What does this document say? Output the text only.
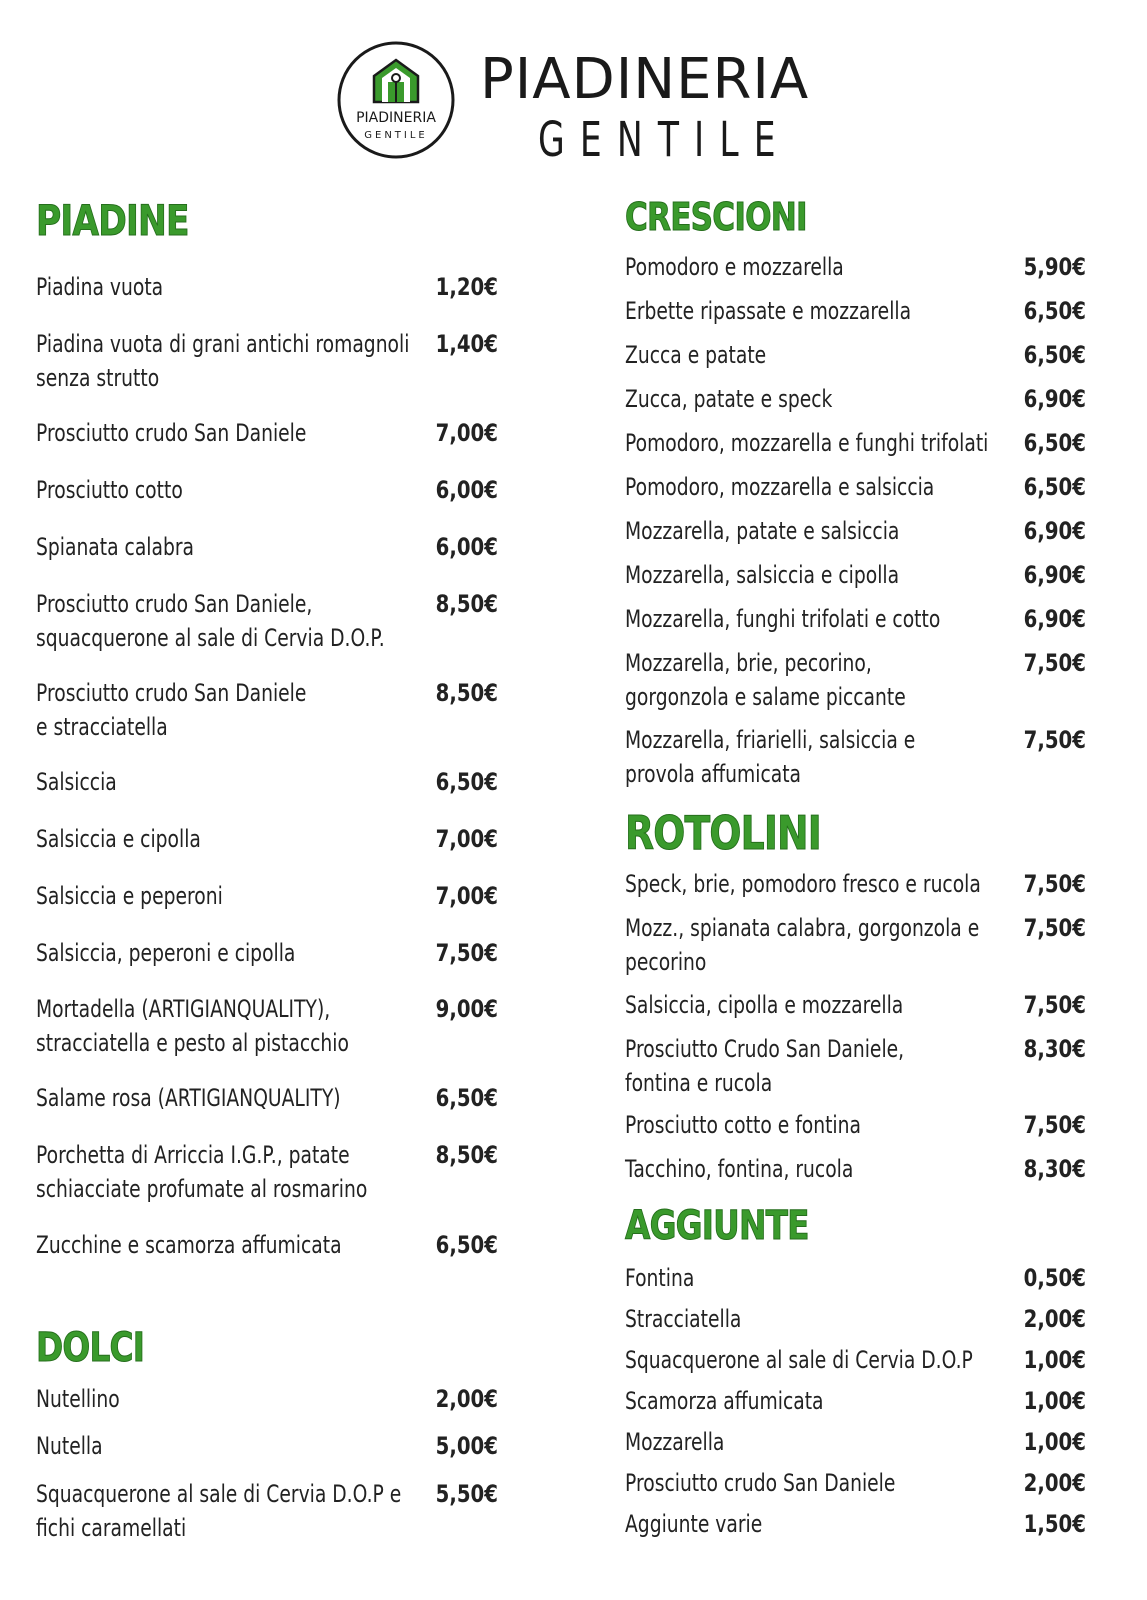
PIADINERIA
GENTILE
PIADINERIA
GENTILE
PIADINE
Piadina vuota	1,20€
Piadina vuota di grani antichi romagnoli
senza strutto
1,40€
Prosciutto crudo San Daniele	7,00€
Prosciutto cotto	6,00€
Spianata calabra	6,00€
Prosciutto crudo San Daniele,
squacquerone al sale di Cervia D.O.P.
8,50€
Prosciutto crudo San Daniele
e stracciatella
8,50€
Salsiccia	6,50€
Salsiccia e cipolla	7,00€
Salsiccia e peperoni	7,00€
Salsiccia, peperoni e cipolla	7,50€
Mortadella (ARTIGIANQUALITY),
stracciatella e pesto al pistacchio
9,00€
Salame rosa (ARTIGIANQUALITY)	6,50€
Porchetta di Arriccia I.G.P., patate
schiacciate profumate al rosmarino
8,50€
Zucchine e scamorza affumicata	6,50€
DOLCI
Nutellino	2,00€
Nutella	5,00€
Squacquerone al sale di Cervia D.O.P e
fichi caramellati
5,50€
CRESCIONI
Pomodoro e mozzarella	5,90€
Erbette ripassate e mozzarella	6,50€
Zucca e patate	6,50€
Zucca, patate e speck	6,90€
Pomodoro, mozzarella e funghi trifolati	6,50€
Pomodoro, mozzarella e salsiccia	6,50€
Mozzarella, patate e salsiccia	6,90€
Mozzarella, salsiccia e cipolla	6,90€
Mozzarella, funghi trifolati e cotto	6,90€
Mozzarella, brie, pecorino,
gorgonzola e salame piccante
7,50€
Mozzarella, friarielli, salsiccia e
provola affumicata
7,50€
ROTOLINI
Speck, brie, pomodoro fresco e rucola	7,50€
Mozz., spianata calabra, gorgonzola e
pecorino
7,50€
Salsiccia, cipolla e mozzarella	7,50€
Prosciutto Crudo San Daniele,
fontina e rucola
8,30€
Prosciutto cotto e fontina	7,50€
Tacchino, fontina, rucola	8,30€
AGGIUNTE
Fontina	0,50€
Stracciatella	2,00€
Squacquerone al sale di Cervia D.O.P	1,00€
Scamorza affumicata	1,00€
Mozzarella	1,00€
Prosciutto crudo San Daniele	2,00€
Aggiunte varie	1,50€
